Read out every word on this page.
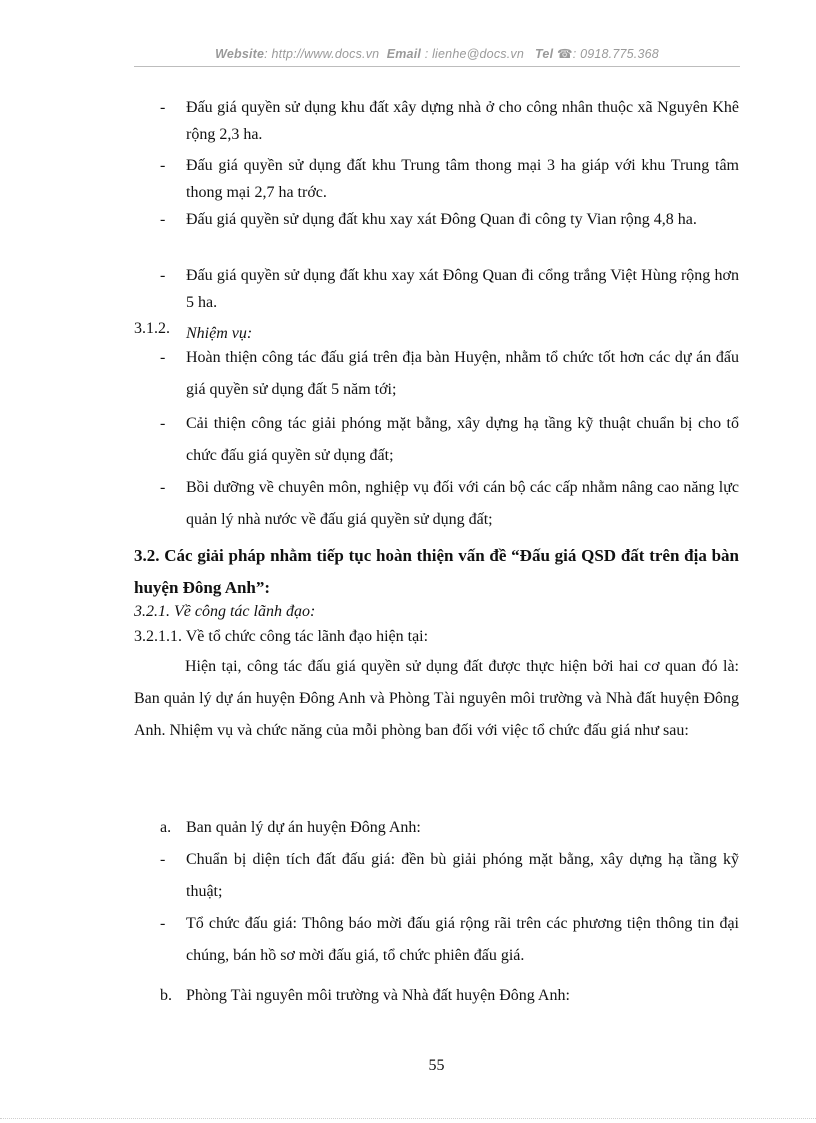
Website: http://www.docs.vn Email : lienhe@docs.vn Tel ☎: 0918.775.368
- Đấu giá quyền sử dụng khu đất xây dựng nhà ở cho công nhân thuộc xã Nguyên Khê rộng 2,3 ha.
- Đấu giá quyền sử dụng đất khu Trung tâm thong mại 3 ha giáp với khu Trung tâm thong mại 2,7 ha trớc.
- Đấu giá quyền sử dụng đất khu xay xát Đông Quan đi công ty Vian rộng 4,8 ha.
- Đấu giá quyền sử dụng đất khu xay xát Đông Quan đi cổng trắng Việt Hùng rộng hơn 5 ha.
3.1.2. Nhiệm vụ:
- Hoàn thiện công tác đấu giá trên địa bàn Huyện, nhằm tổ chức tốt hơn các dự án đấu giá quyền sử dụng đất 5 năm tới;
- Cải thiện công tác giải phóng mặt bằng, xây dựng hạ tầng kỹ thuật chuẩn bị cho tổ chức đấu giá quyền sử dụng đất;
- Bồi dưỡng về chuyên môn, nghiệp vụ đối với cán bộ các cấp nhằm nâng cao năng lực quản lý nhà nước về đấu giá quyền sử dụng đất;
3.2. Các giải pháp nhằm tiếp tục hoàn thiện vấn đề “Đấu giá QSD đất trên địa bàn huyện Đông Anh”:
3.2.1. Về công tác lãnh đạo:
3.2.1.1. Về tổ chức công tác lãnh đạo hiện tại:
Hiện tại, công tác đấu giá quyền sử dụng đất được thực hiện bởi hai cơ quan đó là: Ban quản lý dự án huyện Đông Anh và Phòng Tài nguyên môi trường và Nhà đất huyện Đông Anh. Nhiệm vụ và chức năng của mỗi phòng ban đối với việc tổ chức đấu giá như sau:
a. Ban quản lý dự án huyện Đông Anh:
- Chuẩn bị diện tích đất đấu giá: đền bù giải phóng mặt bằng, xây dựng hạ tầng kỹ thuật;
- Tổ chức đấu giá: Thông báo mời đấu giá rộng rãi trên các phương tiện thông tin đại chúng, bán hồ sơ mời đấu giá, tổ chức phiên đấu giá.
b. Phòng Tài nguyên môi trường và Nhà đất huyện Đông Anh:
55
